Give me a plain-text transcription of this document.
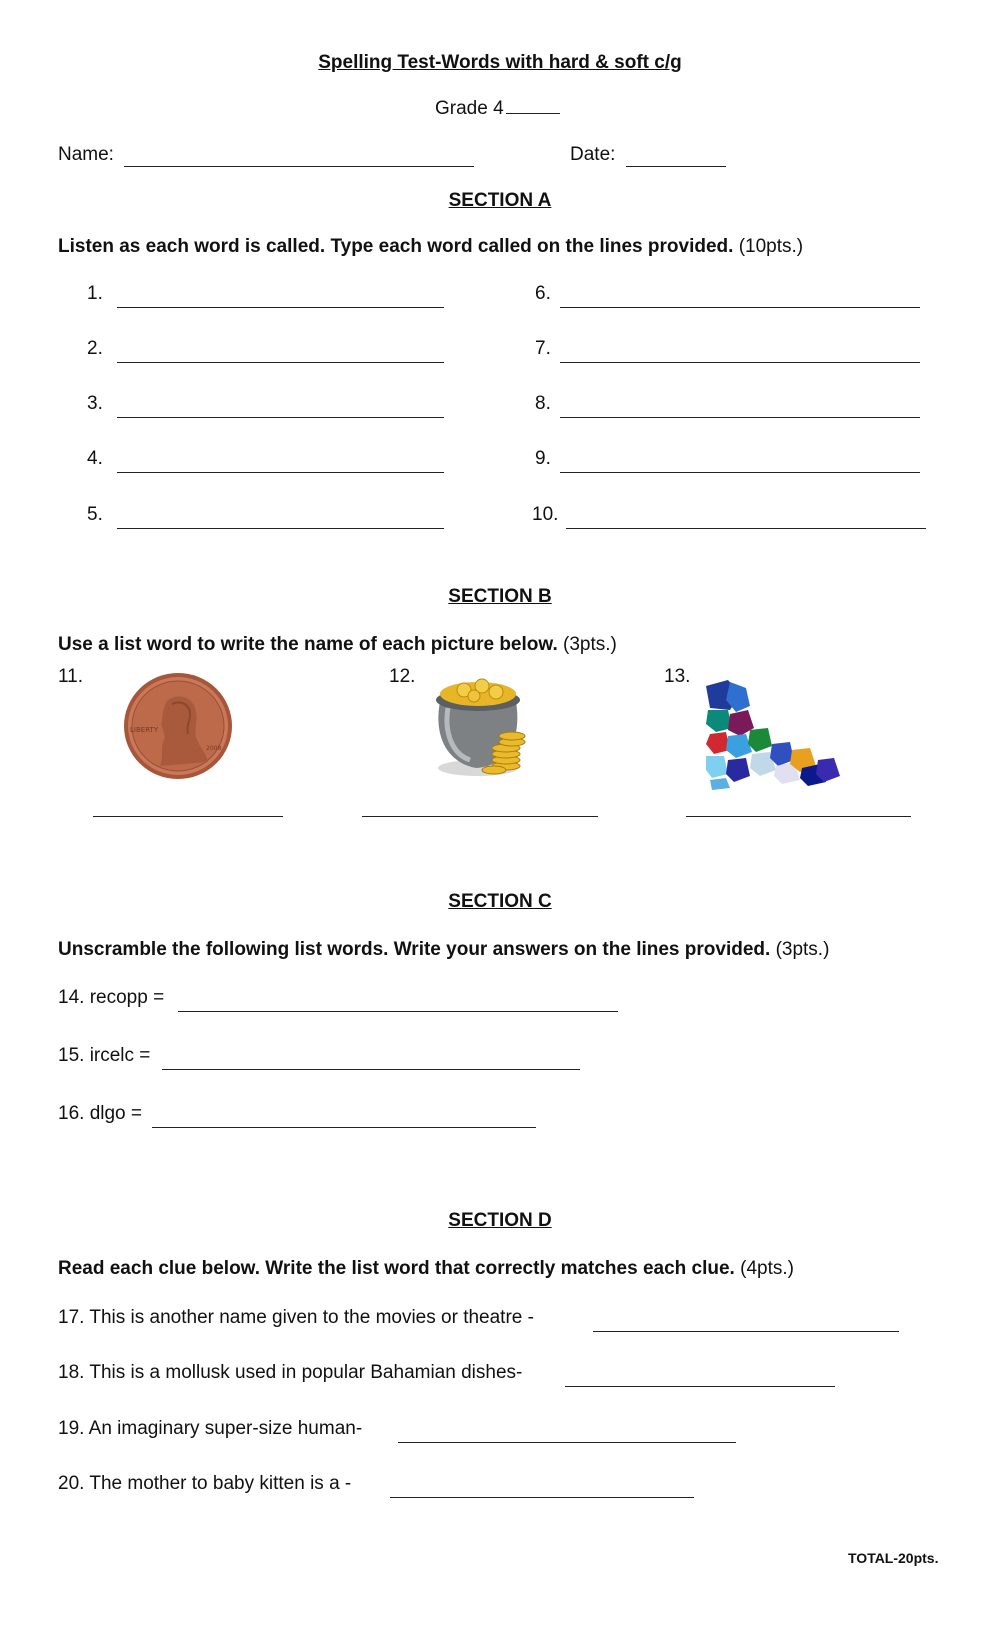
Spelling Test-Words with hard & soft c/g
Grade 4
Name:	Date:
SECTION A
Listen as each word is called. Type each word called on the lines provided. (10pts.)
1.
2.
3.
4.
5.
6.
7.
8.
9.
10.
SECTION B
Use a list word to write the name of each picture below. (3pts.)
11.	12.	13.
LIBERTY
2008
SECTION C
Unscramble the following list words. Write your answers on the lines provided. (3pts.)
14. recopp =
15. ircelc =
16. dlgo =
SECTION D
Read each clue below. Write the list word that correctly matches each clue. (4pts.)
17. This is another name given to the movies or theatre -
18. This is a mollusk used in popular Bahamian dishes-
19. An imaginary super-size human-
20. The mother to baby kitten is a -
TOTAL-20pts.
